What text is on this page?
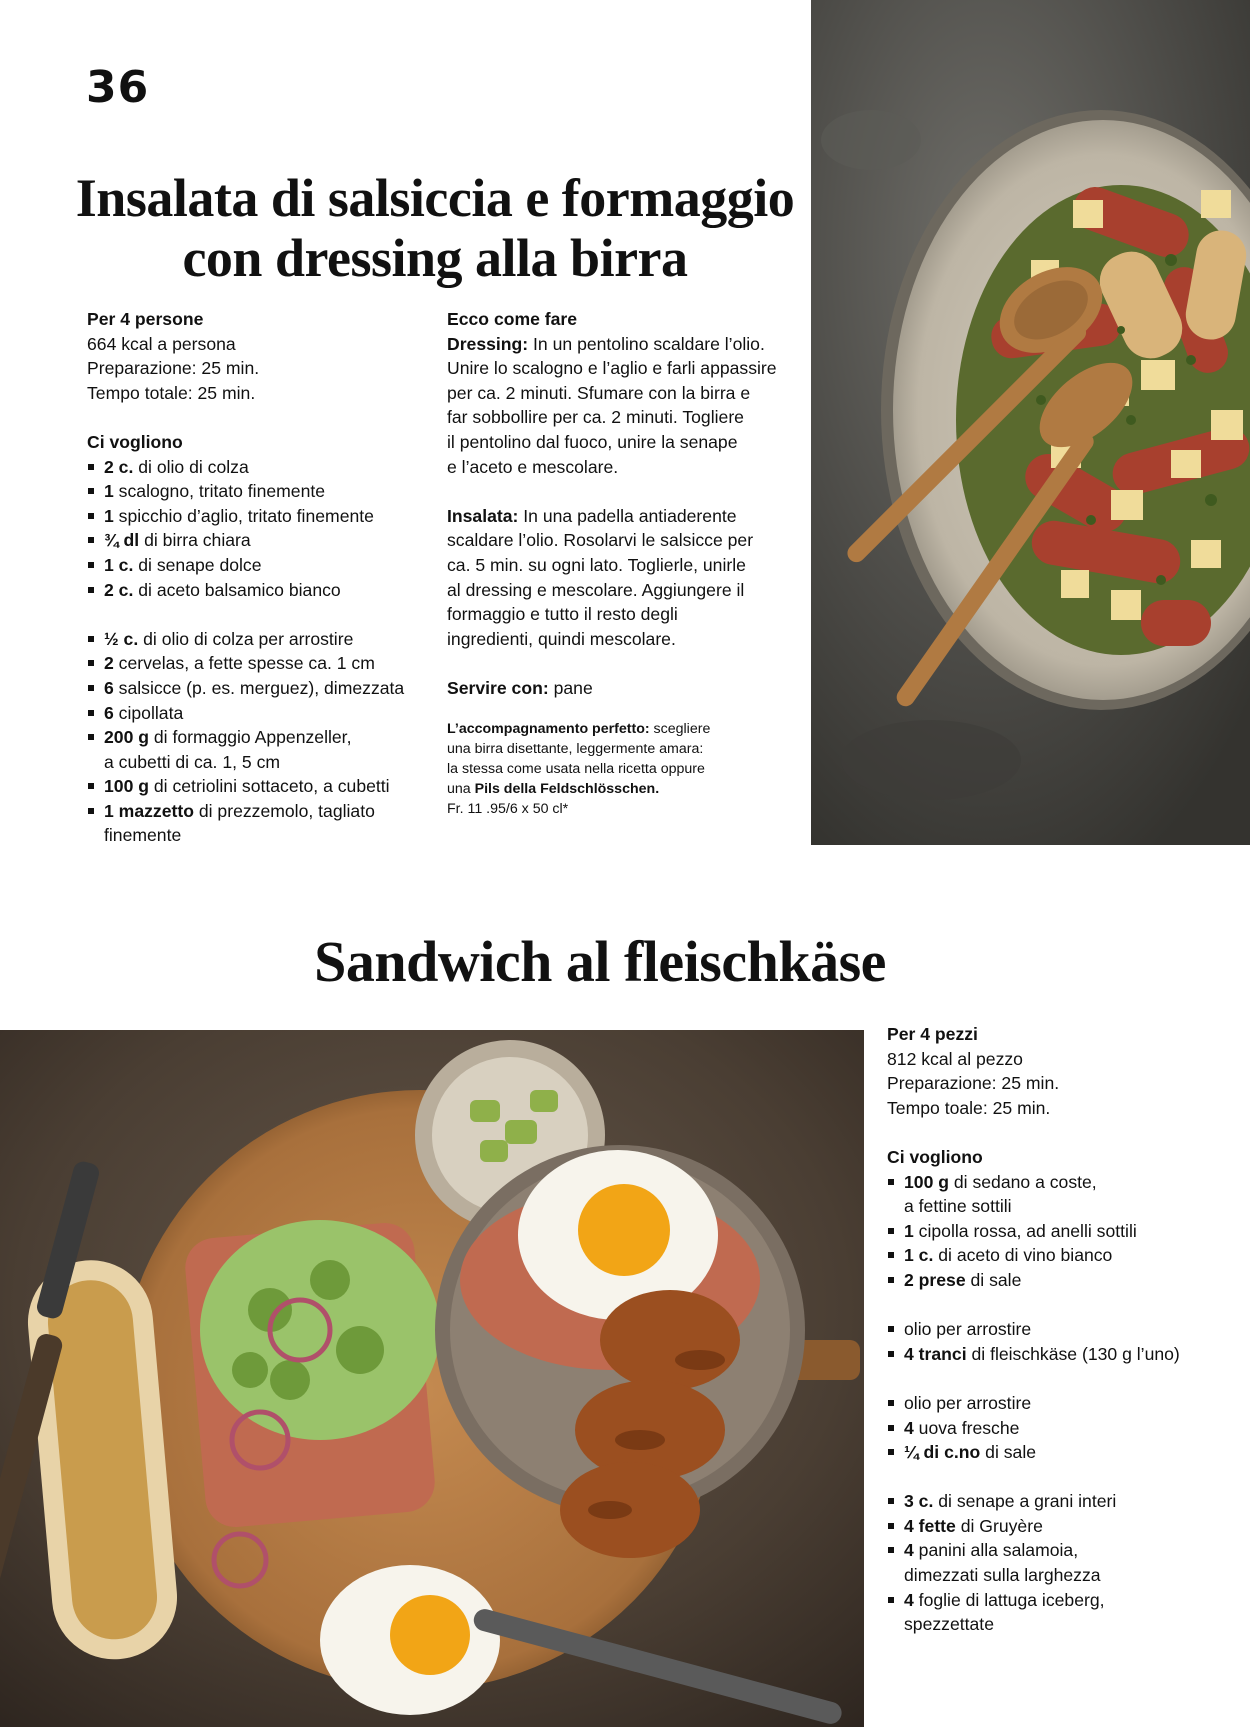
36
Insalata di salsiccia e formaggio
con dressing alla birra
Per 4 persone
664 kcal a persona
Preparazione: 25 min.
Tempo totale: 25 min.
Ci vogliono
2 c. di olio di colza
1 scalogno, tritato finemente
1 spicchio d’aglio, tritato finemente
¾ dl di birra chiara
1 c. di senape dolce
2 c. di aceto balsamico bianco
½ c. di olio di colza per arrostire
2 cervelas, a fette spesse ca. 1 cm
6 salsicce (p. es. merguez), dimezzata
6 cipollata
200 g di formaggio Appenzeller,
a cubetti di ca. 1, 5 cm
100 g di cetriolini sottaceto, a cubetti
1 mazzetto di prezzemolo, tagliato
finemente
Ecco come fare
Dressing: In un pentolino scaldare l’olio.
Unire lo scalogno e l’aglio e farli appassire
per ca. 2 minuti. Sfumare con la birra e
far sobbollire per ca. 2 minuti. Togliere
il pentolino dal fuoco, unire la senape
e l’aceto e mescolare.
Insalata: In una padella antiaderente
scaldare l’olio. Rosolarvi le salsicce per
ca. 5 min. su ogni lato. Toglierle, unirle
al dressing e mescolare. Aggiungere il
formaggio e tutto il resto degli
ingredienti, quindi mescolare.
Servire con: pane
L’accompagnamento perfetto: scegliere
una birra disettante, leggermente amara:
la stessa come usata nella ricetta oppure
una Pils della Feldschlösschen.
Fr. 11 .95/6 x 50 cl*
Sandwich al fleischkäse
Per 4 pezzi
812 kcal al pezzo
Preparazione: 25 min.
Tempo toale: 25 min.
Ci vogliono
100 g di sedano a coste,
a fettine sottili
1 cipolla rossa, ad anelli sottili
1 c. di aceto di vino bianco
2 prese di sale
olio per arrostire
4 tranci di fleischkäse (130 g l’uno)
olio per arrostire
4 uova fresche
¼ di c.no di sale
3 c. di senape a grani interi
4 fette di Gruyère
4 panini alla salamoia,
dimezzati sulla larghezza
4 foglie di lattuga iceberg,
spezzettate
